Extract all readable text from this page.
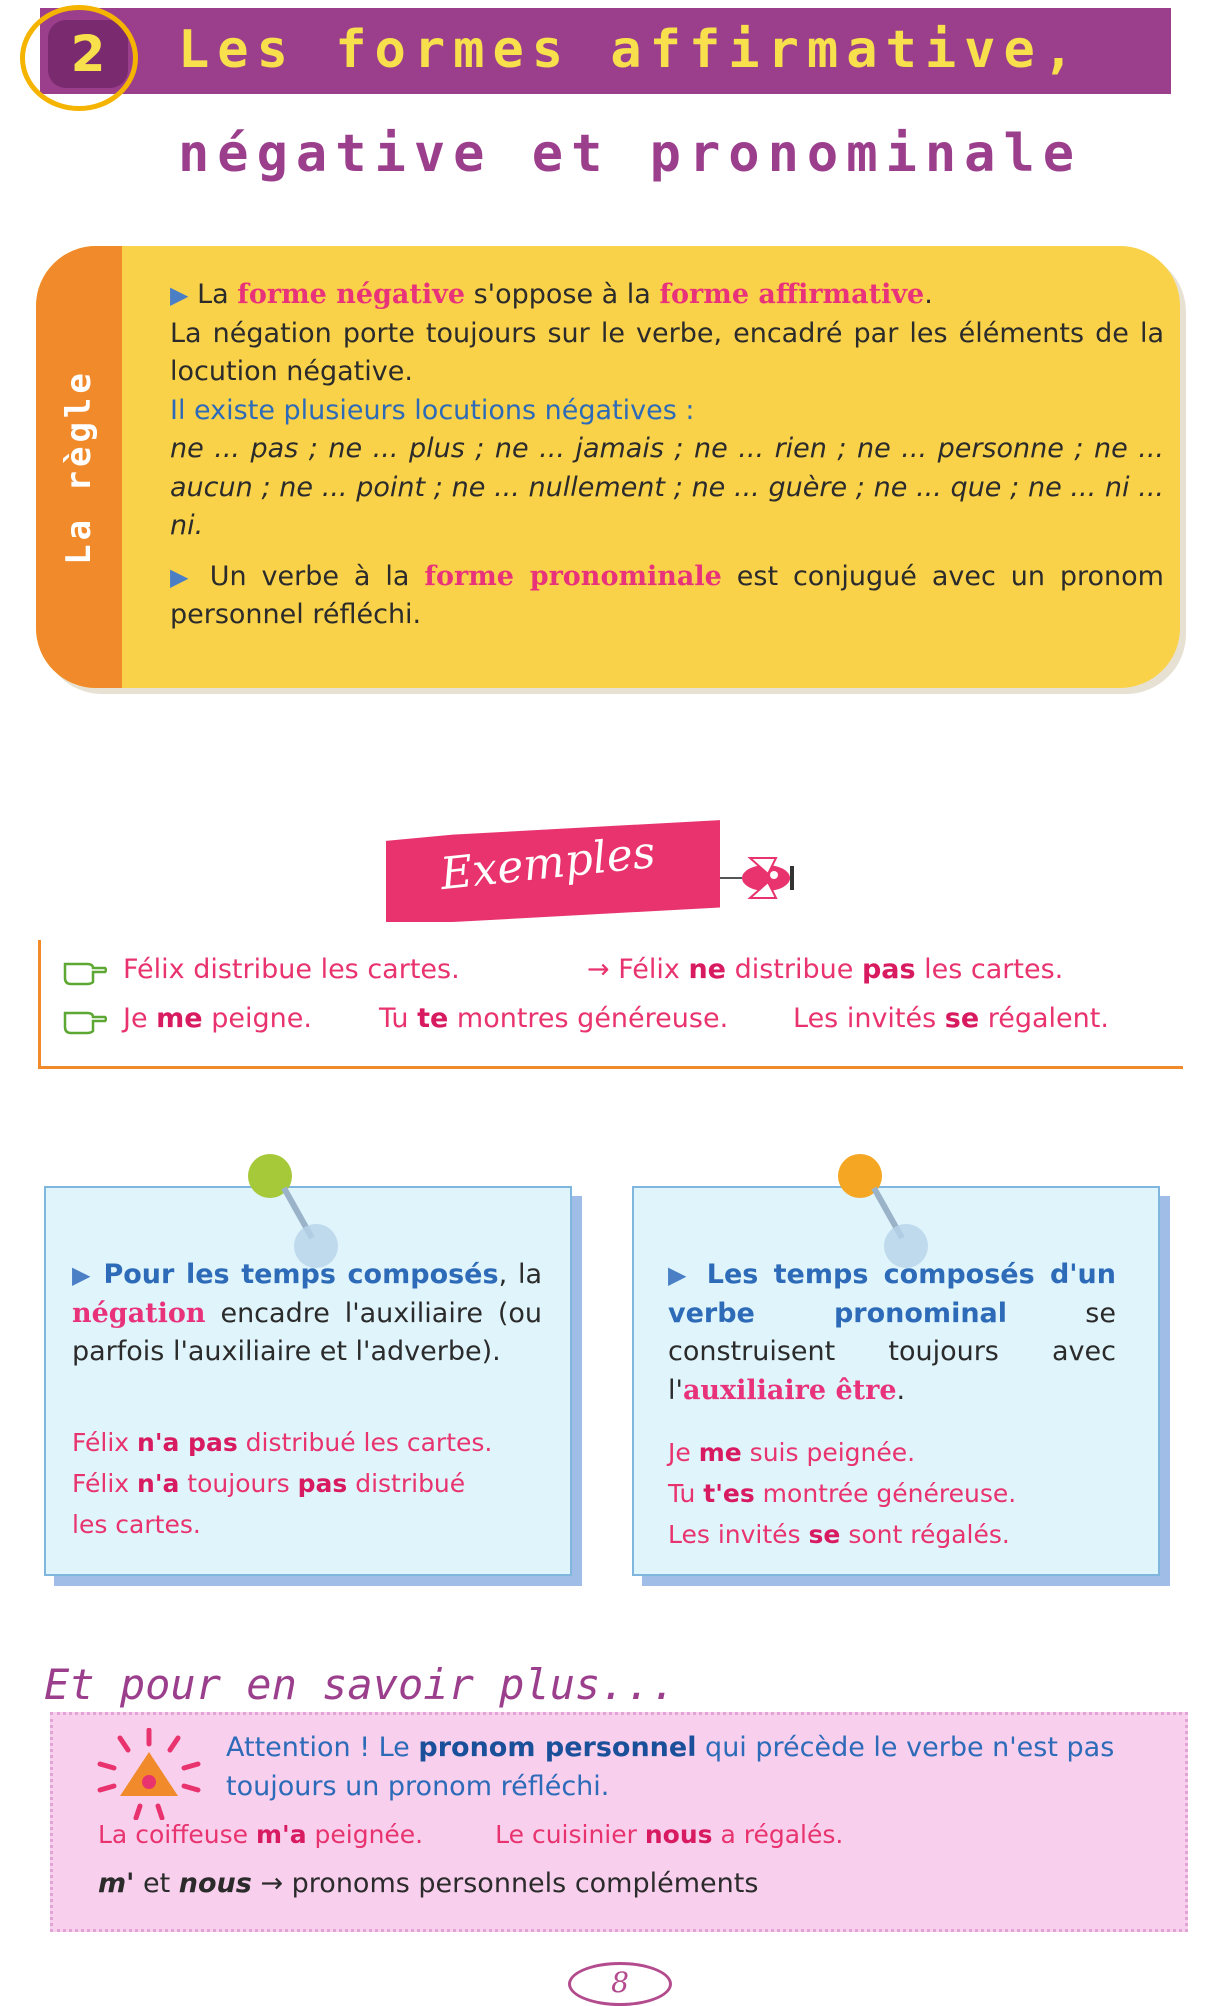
2	Les formes affirmative,
négative et pronominale
La règle

▶ La forme négative s'oppose à la forme affirmative.

La négation porte toujours sur le verbe, encadré par les éléments de la locution négative.

Il existe plusieurs locutions négatives :

ne ... pas ; ne ... plus ; ne ... jamais ; ne ... rien ; ne ... personne ; ne ... aucun ; ne ... point ; ne ... nullement ; ne ... guère ; ne ... que ; ne ... ni ... ni.

▶ Un verbe à la forme pronominale est conjugué avec un pronom personnel réfléchi.

Exemples
Félix distribue les cartes.	→ Félix ne distribue pas les cartes.
Je me peigne. Tu te montres généreuse. Les invités se régalent.

▶ Pour les temps composés, la négation encadre l'auxiliaire (ou parfois l'auxiliaire et l'adverbe).

Félix n'a pas distribué les cartes.
Félix n'a toujours pas distribué
les cartes.

▶ Les temps composés d'un verbe pronominal se construisent toujours avec l'auxiliaire être.

Je me suis peignée.
Tu t'es montrée généreuse.
Les invités se sont régalés.
Et pour en savoir plus...
Attention ! Le pronom personnel qui précède le verbe n'est pas toujours un pronom réfléchi.
La coiffeuse m'a peignée.	Le cuisinier nous a régalés.
m' et nous → pronoms personnels compléments
8
